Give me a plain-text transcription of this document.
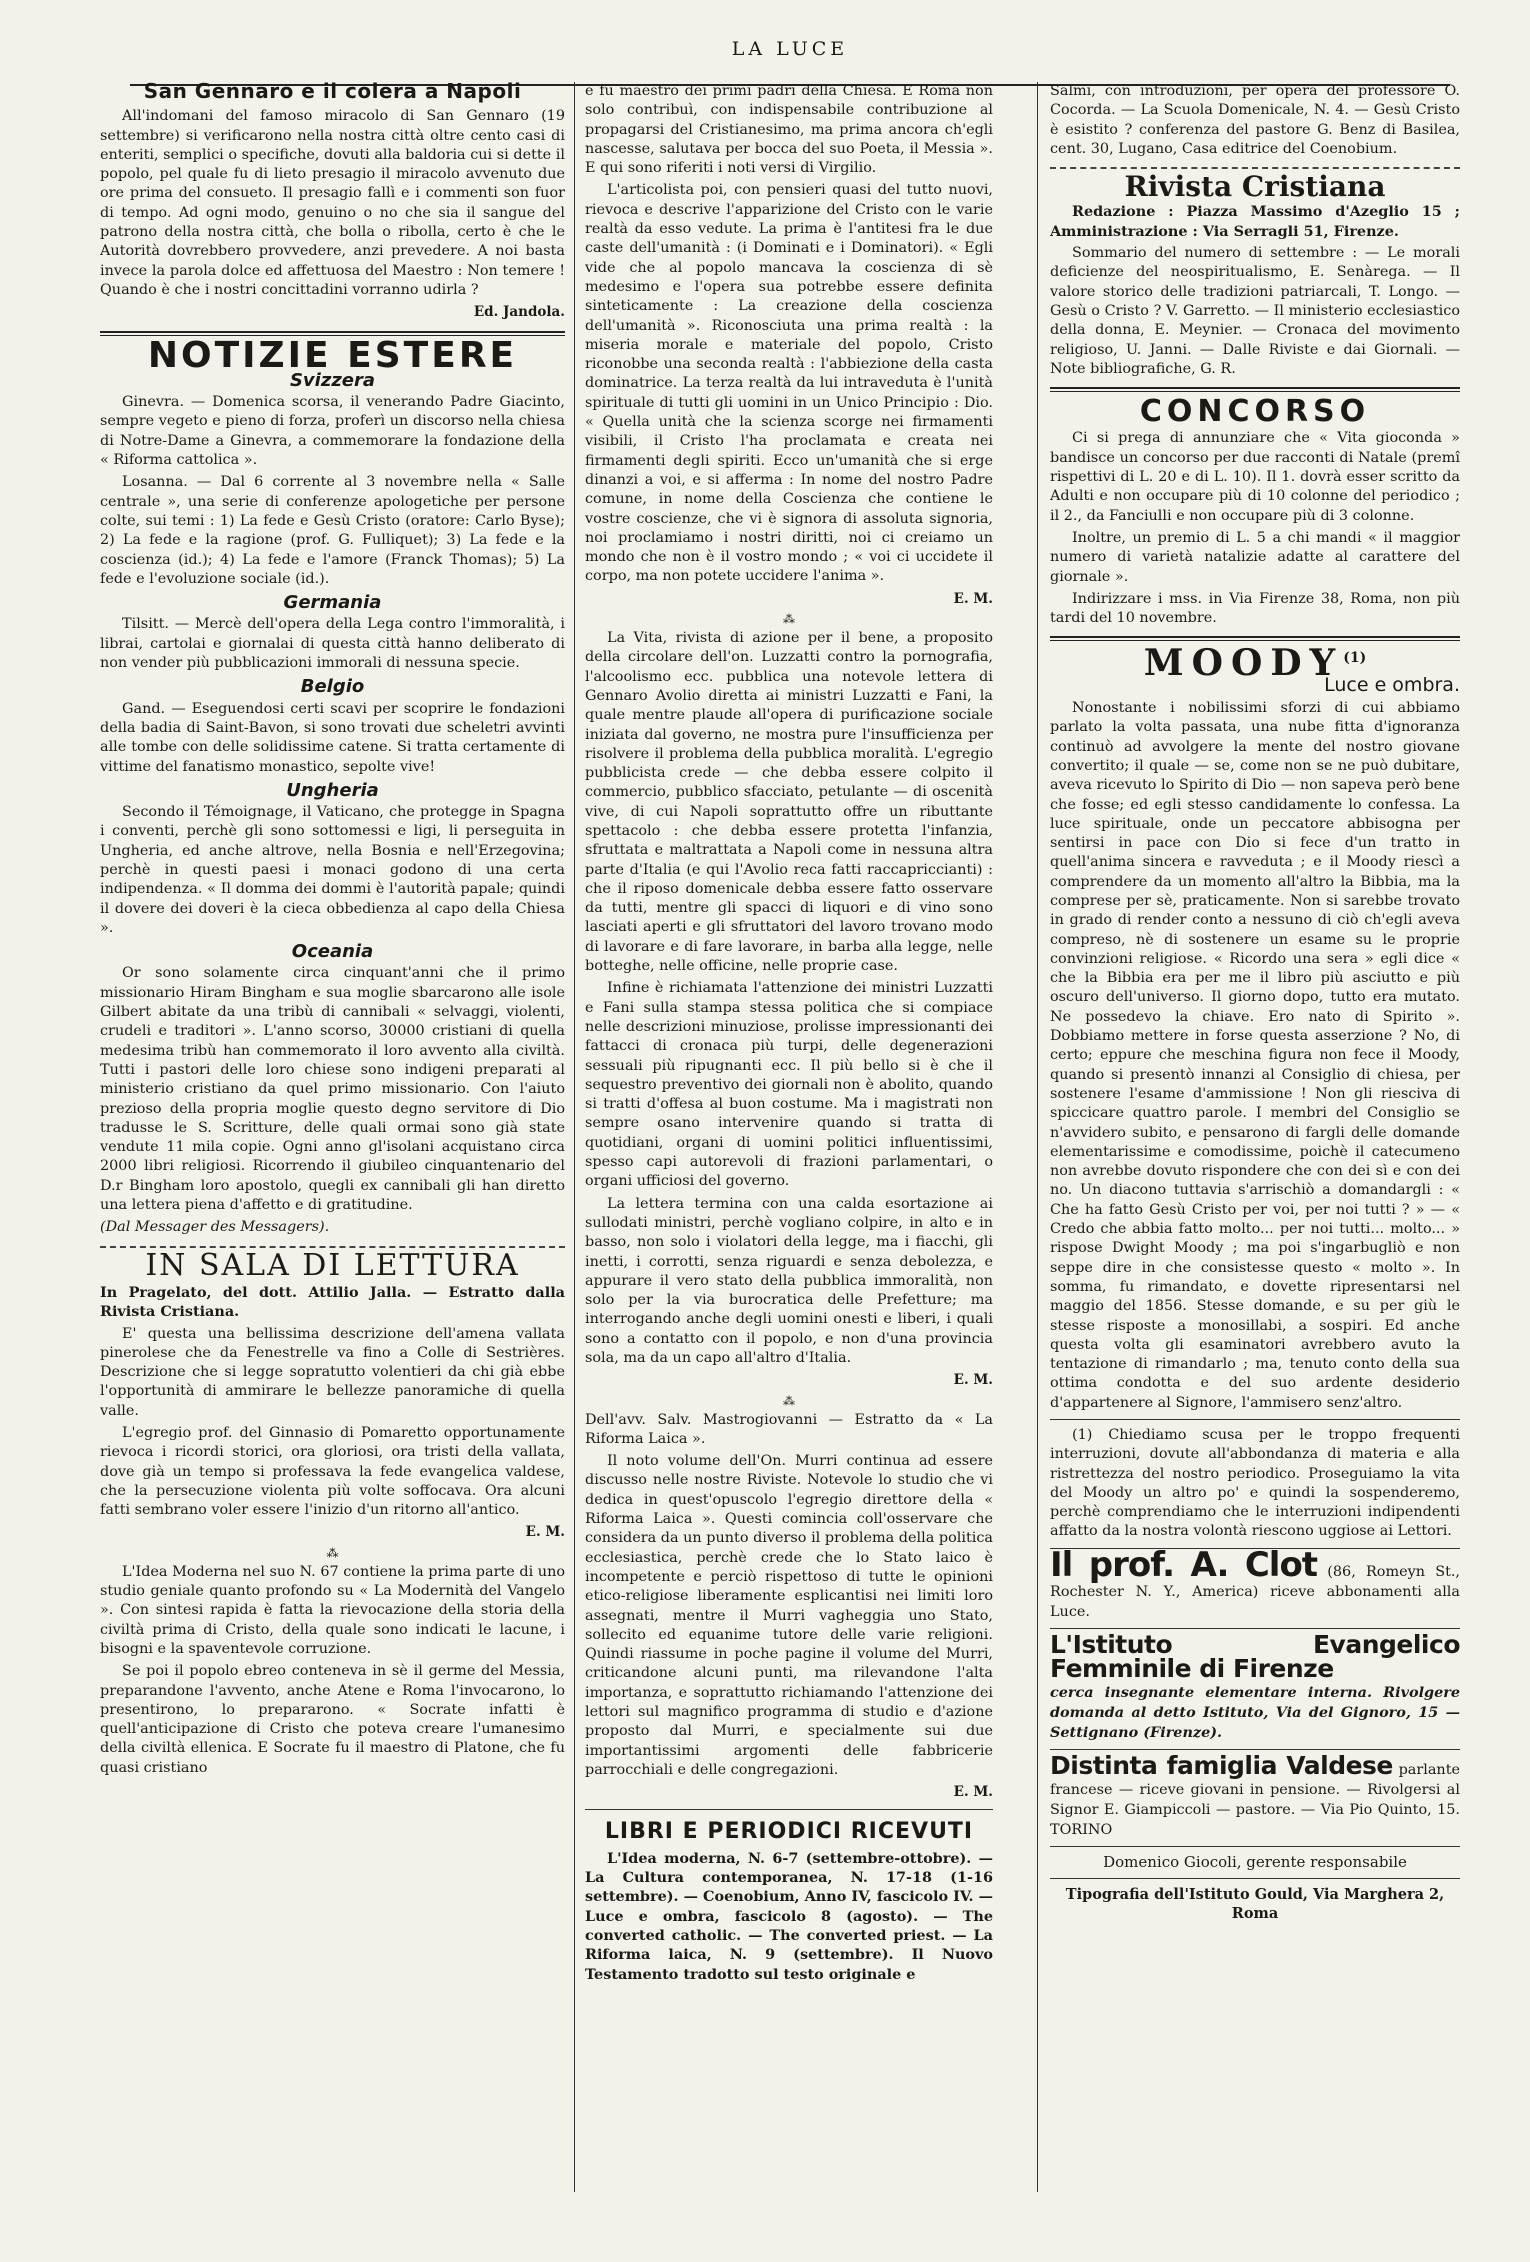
LA LUCE
San Gennaro e il colera a Napoli

All'indomani del famoso miracolo di San Gennaro (19 settembre) si verificarono nella nostra città oltre cento casi di enteriti, semplici o specifiche, dovuti alla baldoria cui si dette il popolo, pel quale fu di lieto presagio il miracolo avvenuto due ore prima del consueto. Il presagio fallì e i commenti son fuor di tempo. Ad ogni modo, genuino o no che sia il sangue del patrono della nostra città, che bolla o ribolla, certo è che le Autorità dovrebbero provvedere, anzi prevedere. A noi basta invece la parola dolce ed affettuosa del Maestro : Non temere ! Quando è che i nostri concittadini vorranno udirla ?

Ed. Jandola.
NOTIZIE ESTERE
Svizzera

Ginevra. — Domenica scorsa, il venerando Padre Giacinto, sempre vegeto e pieno di forza, proferì un discorso nella chiesa di Notre-Dame a Ginevra, a commemorare la fondazione della « Riforma cattolica ».

Losanna. — Dal 6 corrente al 3 novembre nella « Salle centrale », una serie di conferenze apologetiche per persone colte, sui temi : 1) La fede e Gesù Cristo (oratore: Carlo Byse); 2) La fede e la ragione (prof. G. Fulliquet); 3) La fede e la coscienza (id.); 4) La fede e l'amore (Franck Thomas); 5) La fede e l'evoluzione sociale (id.).

Germania

Tilsitt. — Mercè dell'opera della Lega contro l'immoralità, i librai, cartolai e giornalai di questa città hanno deliberato di non vender più pubblicazioni immorali di nessuna specie.

Belgio

Gand. — Eseguendosi certi scavi per scoprire le fondazioni della badia di Saint-Bavon, si sono trovati due scheletri avvinti alle tombe con delle solidissime catene. Si tratta certamente di vittime del fanatismo monastico, sepolte vive!

Ungheria

Secondo il Témoignage, il Vaticano, che protegge in Spagna i conventi, perchè gli sono sottomessi e ligi, li perseguita in Ungheria, ed anche altrove, nella Bosnia e nell'Erzegovina; perchè in questi paesi i monaci godono di una certa indipendenza. « Il domma dei dommi è l'autorità papale; quindi il dovere dei doveri è la cieca obbedienza al capo della Chiesa ».

Oceania

Or sono solamente circa cinquant'anni che il primo missionario Hiram Bingham e sua moglie sbarcarono alle isole Gilbert abitate da una tribù di cannibali « selvaggi, violenti, crudeli e traditori ». L'anno scorso, 30000 cristiani di quella medesima tribù han commemorato il loro avvento alla civiltà. Tutti i pastori delle loro chiese sono indigeni preparati al ministerio cristiano da quel primo missionario. Con l'aiuto prezioso della propria moglie questo degno servitore di Dio tradusse le S. Scritture, delle quali ormai sono già state vendute 11 mila copie. Ogni anno gl'isolani acquistano circa 2000 libri religiosi. Ricorrendo il giubileo cinquantenario del D.r Bingham loro apostolo, quegli ex cannibali gli han diretto una lettera piena d'affetto e di gratitudine.

(Dal Messager des Messagers).

IN SALA DI LETTURA

In Pragelato, del dott. Attilio Jalla. — Estratto dalla Rivista Cristiana.

E' questa una bellissima descrizione dell'amena vallata pinerolese che da Fenestrelle va fino a Colle di Sestrières. Descrizione che si legge sopratutto volentieri da chi già ebbe l'opportunità di ammirare le bellezze panoramiche di quella valle.

L'egregio prof. del Ginnasio di Pomaretto opportunamente rievoca i ricordi storici, ora gloriosi, ora tristi della vallata, dove già un tempo si professava la fede evangelica valdese, che la persecuzione violenta più volte soffocava. Ora alcuni fatti sembrano voler essere l'inizio d'un ritorno all'antico.

E. M.
⁂

L'Idea Moderna nel suo N. 67 contiene la prima parte di uno studio geniale quanto profondo su « La Modernità del Vangelo ». Con sintesi rapida è fatta la rievocazione della storia della civiltà prima di Cristo, della quale sono indicati le lacune, i bisogni e la spaventevole corruzione.

Se poi il popolo ebreo conteneva in sè il germe del Messia, preparandone l'avvento, anche Atene e Roma l'invocarono, lo presentirono, lo prepararono. « Socrate infatti è quell'anticipazione di Cristo che poteva creare l'umanesimo della civiltà ellenica. E Socrate fu il maestro di Platone, che fu quasi cristiano

e fu maestro dei primi padri della Chiesa. E Roma non solo contribuì, con indispensabile contribuzione al propagarsi del Cristianesimo, ma prima ancora ch'egli nascesse, salutava per bocca del suo Poeta, il Messia ». E qui sono riferiti i noti versi di Virgilio.

L'articolista poi, con pensieri quasi del tutto nuovi, rievoca e descrive l'apparizione del Cristo con le varie realtà da esso vedute. La prima è l'antitesi fra le due caste dell'umanità : (i Dominati e i Dominatori). « Egli vide che al popolo mancava la coscienza di sè medesimo e l'opera sua potrebbe essere definita sinteticamente : La creazione della coscienza dell'umanità ». Riconosciuta una prima realtà : la miseria morale e materiale del popolo, Cristo riconobbe una seconda realtà : l'abbiezione della casta dominatrice. La terza realtà da lui intraveduta è l'unità spirituale di tutti gli uomini in un Unico Principio : Dio. « Quella unità che la scienza scorge nei firmamenti visibili, il Cristo l'ha proclamata e creata nei firmamenti degli spiriti. Ecco un'umanità che si erge dinanzi a voi, e si afferma : In nome del nostro Padre comune, in nome della Coscienza che contiene le vostre coscienze, che vi è signora di assoluta signoria, noi proclamiamo i nostri diritti, noi ci creiamo un mondo che non è il vostro mondo ; « voi ci uccidete il corpo, ma non potete uccidere l'anima ».

E. M.
⁂

La Vita, rivista di azione per il bene, a proposito della circolare dell'on. Luzzatti contro la pornografia, l'alcoolismo ecc. pubblica una notevole lettera di Gennaro Avolio diretta ai ministri Luzzatti e Fani, la quale mentre plaude all'opera di purificazione sociale iniziata dal governo, ne mostra pure l'insufficienza per risolvere il problema della pubblica moralità. L'egregio pubblicista crede — che debba essere colpito il commercio, pubblico sfacciato, petulante — di oscenità vive, di cui Napoli soprattutto offre un ributtante spettacolo : che debba essere protetta l'infanzia, sfruttata e maltrattata a Napoli come in nessuna altra parte d'Italia (e qui l'Avolio reca fatti raccapriccianti) : che il riposo domenicale debba essere fatto osservare da tutti, mentre gli spacci di liquori e di vino sono lasciati aperti e gli sfruttatori del lavoro trovano modo di lavorare e di fare lavorare, in barba alla legge, nelle botteghe, nelle officine, nelle proprie case.

Infine è richiamata l'attenzione dei ministri Luzzatti e Fani sulla stampa stessa politica che si compiace nelle descrizioni minuziose, prolisse impressionanti dei fattacci di cronaca più turpi, delle degenerazioni sessuali più ripugnanti ecc. Il più bello si è che il sequestro preventivo dei giornali non è abolito, quando si tratti d'offesa al buon costume. Ma i magistrati non sempre osano intervenire quando si tratta di quotidiani, organi di uomini politici influentissimi, spesso capi autorevoli di frazioni parlamentari, o organi ufficiosi del governo.

La lettera termina con una calda esortazione ai sullodati ministri, perchè vogliano colpire, in alto e in basso, non solo i violatori della legge, ma i fiacchi, gli inetti, i corrotti, senza riguardi e senza debolezza, e appurare il vero stato della pubblica immoralità, non solo per la via burocratica delle Prefetture; ma interrogando anche degli uomini onesti e liberi, i quali sono a contatto con il popolo, e non d'una provincia sola, ma da un capo all'altro d'Italia.

E. M.
⁂

Dell'avv. Salv. Mastrogiovanni — Estratto da « La Riforma Laica ».

Il noto volume dell'On. Murri continua ad essere discusso nelle nostre Riviste. Notevole lo studio che vi dedica in quest'opuscolo l'egregio direttore della « Riforma Laica ». Questi comincia coll'osservare che considera da un punto diverso il problema della politica ecclesiastica, perchè crede che lo Stato laico è incompetente e perciò rispettoso di tutte le opinioni etico-religiose liberamente esplicantisi nei limiti loro assegnati, mentre il Murri vagheggia uno Stato, sollecito ed equanime tutore delle varie religioni. Quindi riassume in poche pagine il volume del Murri, criticandone alcuni punti, ma rilevandone l'alta importanza, e soprattutto richiamando l'attenzione dei lettori sul magnifico programma di studio e d'azione proposto dal Murri, e specialmente sui due importantissimi argomenti delle fabbricerie parrocchiali e delle congregazioni.

E. M.
LIBRI E PERIODICI RICEVUTI

L'Idea moderna, N. 6-7 (settembre-ottobre). — La Cultura contemporanea, N. 17-18 (1-16 settembre). — Coenobium, Anno IV, fascicolo IV. — Luce e ombra, fascicolo 8 (agosto). — The converted catholic. — The converted priest. — La Riforma laica, N. 9 (settembre). Il Nuovo Testamento tradotto sul testo originale e

Salmi, con introduzioni, per opera del professore O. Cocorda. — La Scuola Domenicale, N. 4. — Gesù Cristo è esistito ? conferenza del pastore G. Benz di Basilea, cent. 30, Lugano, Casa editrice del Coenobium.

Rivista Cristiana

Redazione : Piazza Massimo d'Azeglio 15 ; Amministrazione : Via Serragli 51, Firenze.

Sommario del numero di settembre : — Le morali deficienze del neospiritualismo, E. Senàrega. — Il valore storico delle tradizioni patriarcali, T. Longo. — Gesù o Cristo ? V. Garretto. — Il ministerio ecclesiastico della donna, E. Meynier. — Cronaca del movimento religioso, U. Janni. — Dalle Riviste e dai Giornali. — Note bibliografiche, G. R.

CONCORSO

Ci si prega di annunziare che « Vita gioconda » bandisce un concorso per due racconti di Natale (premî rispettivi di L. 20 e di L. 10). Il 1. dovrà esser scritto da Adulti e non occupare più di 10 colonne del periodico ; il 2., da Fanciulli e non occupare più di 3 colonne.

Inoltre, un premio di L. 5 a chi mandi « il maggior numero di varietà natalizie adatte al carattere del giornale ».

Indirizzare i mss. in Via Firenze 38, Roma, non più tardi del 10 novembre.

MOODY$^{(1)}$
Luce e ombra.

Nonostante i nobilissimi sforzi di cui abbiamo parlato la volta passata, una nube fitta d'ignoranza continuò ad avvolgere la mente del nostro giovane convertito; il quale — se, come non se ne può dubitare, aveva ricevuto lo Spirito di Dio — non sapeva però bene che fosse; ed egli stesso candidamente lo confessa. La luce spirituale, onde un peccatore abbisogna per sentirsi in pace con Dio si fece d'un tratto in quell'anima sincera e ravveduta ; e il Moody riescì a comprendere da un momento all'altro la Bibbia, ma la comprese per sè, praticamente. Non si sarebbe trovato in grado di render conto a nessuno di ciò ch'egli aveva compreso, nè di sostenere un esame su le proprie convinzioni religiose. « Ricordo una sera » egli dice « che la Bibbia era per me il libro più asciutto e più oscuro dell'universo. Il giorno dopo, tutto era mutato. Ne possedevo la chiave. Ero nato di Spirito ». Dobbiamo mettere in forse questa asserzione ? No, di certo; eppure che meschina figura non fece il Moody, quando si presentò innanzi al Consiglio di chiesa, per sostenere l'esame d'ammissione ! Non gli riesciva di spiccicare quattro parole. I membri del Consiglio se n'avvidero subito, e pensarono di fargli delle domande elementarissime e comodissime, poichè il catecumeno non avrebbe dovuto rispondere che con dei sì e con dei no. Un diacono tuttavia s'arrischiò a domandargli : « Che ha fatto Gesù Cristo per voi, per noi tutti ? » — « Credo che abbia fatto molto... per noi tutti... molto... » rispose Dwight Moody ; ma poi s'ingarbugliò e non seppe dire in che consistesse questo « molto ». In somma, fu rimandato, e dovette ripresentarsi nel maggio del 1856. Stesse domande, e su per giù le stesse risposte a monosillabi, a sospiri. Ed anche questa volta gli esaminatori avrebbero avuto la tentazione di rimandarlo ; ma, tenuto conto della sua ottima condotta e del suo ardente desiderio d'appartenere al Signore, l'ammisero senz'altro.

(1) Chiediamo scusa per le troppo frequenti interruzioni, dovute all'abbondanza di materia e alla ristrettezza del nostro periodico. Proseguiamo la vita del Moody un altro po' e quindi la sospenderemo, perchè comprendiamo che le interruzioni indipendenti affatto da la nostra volontà riescono uggiose ai Lettori.

Il prof. A. Clot (86, Romeyn St., Rochester N. Y., America) riceve abbonamenti alla Luce.
L'Istituto Evangelico Femminile di Firenze
cerca insegnante elementare interna. Rivolgere domanda al detto Istituto, Via del Gignoro, 15 — Settignano (Firenze).
Distinta famiglia Valdese parlante francese — riceve giovani in pensione. — Rivolgersi al Signor E. Giampiccoli — pastore. — Via Pio Quinto, 15. TORINO
Domenico Giocoli, gerente responsabile
Tipografia dell'Istituto Gould, Via Marghera 2, Roma
